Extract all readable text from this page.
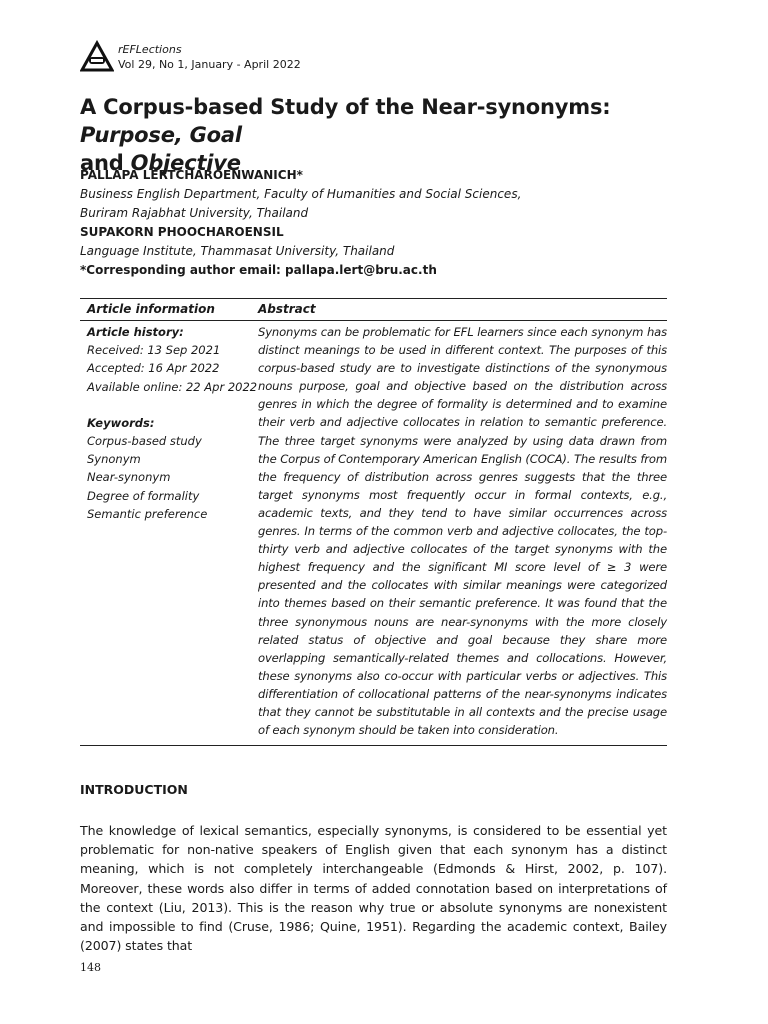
rEFLections
Vol 29, No 1, January - April 2022
A Corpus-based Study of the Near-synonyms: Purpose, Goal
and Objective
PALLAPA LERTCHAROENWANICH*
Business English Department, Faculty of Humanities and Social Sciences,
Buriram Rajabhat University, Thailand
SUPAKORN PHOOCHAROENSIL
Language Institute, Thammasat University, Thailand
*Corresponding author email: pallapa.lert@bru.ac.th
Article information	Abstract
Article history:
Received: 13 Sep 2021
Accepted: 16 Apr 2022
Available online: 22 Apr 2022
Keywords:
Corpus-based study
Synonym
Near-synonym
Degree of formality
Semantic preference
Synonyms can be problematic for EFL learners since each synonym has distinct meanings to be used in different context. The purposes of this corpus-based study are to investigate distinctions of the synonymous nouns purpose, goal and objective based on the distribution across genres in which the degree of formality is determined and to examine their verb and adjective collocates in relation to semantic preference. The three target synonyms were analyzed by using data drawn from the Corpus of Contemporary American English (COCA). The results from the frequency of distribution across genres suggests that the three target synonyms most frequently occur in formal contexts, e.g., academic texts, and they tend to have similar occurrences across genres. In terms of the common verb and adjective collocates, the top-thirty verb and adjective collocates of the target synonyms with the highest frequency and the significant MI score level of ≥ 3 were presented and the collocates with similar meanings were categorized into themes based on their semantic preference. It was found that the three synonymous nouns are near-synonyms with the more closely related status of objective and goal because they share more overlapping semantically-related themes and collocations. However, these synonyms also co-occur with particular verbs or adjectives. This differentiation of collocational patterns of the near-synonyms indicates that they cannot be substitutable in all contexts and the precise usage of each synonym should be taken into consideration.
INTRODUCTION
The knowledge of lexical semantics, especially synonyms, is considered to be essential yet problematic for non-native speakers of English given that each synonym has a distinct meaning, which is not completely interchangeable (Edmonds & Hirst, 2002, p. 107). Moreover, these words also differ in terms of added connotation based on interpretations of the context (Liu, 2013). This is the reason why true or absolute synonyms are nonexistent and impossible to find (Cruse, 1986; Quine, 1951). Regarding the academic context, Bailey (2007) states that
148
